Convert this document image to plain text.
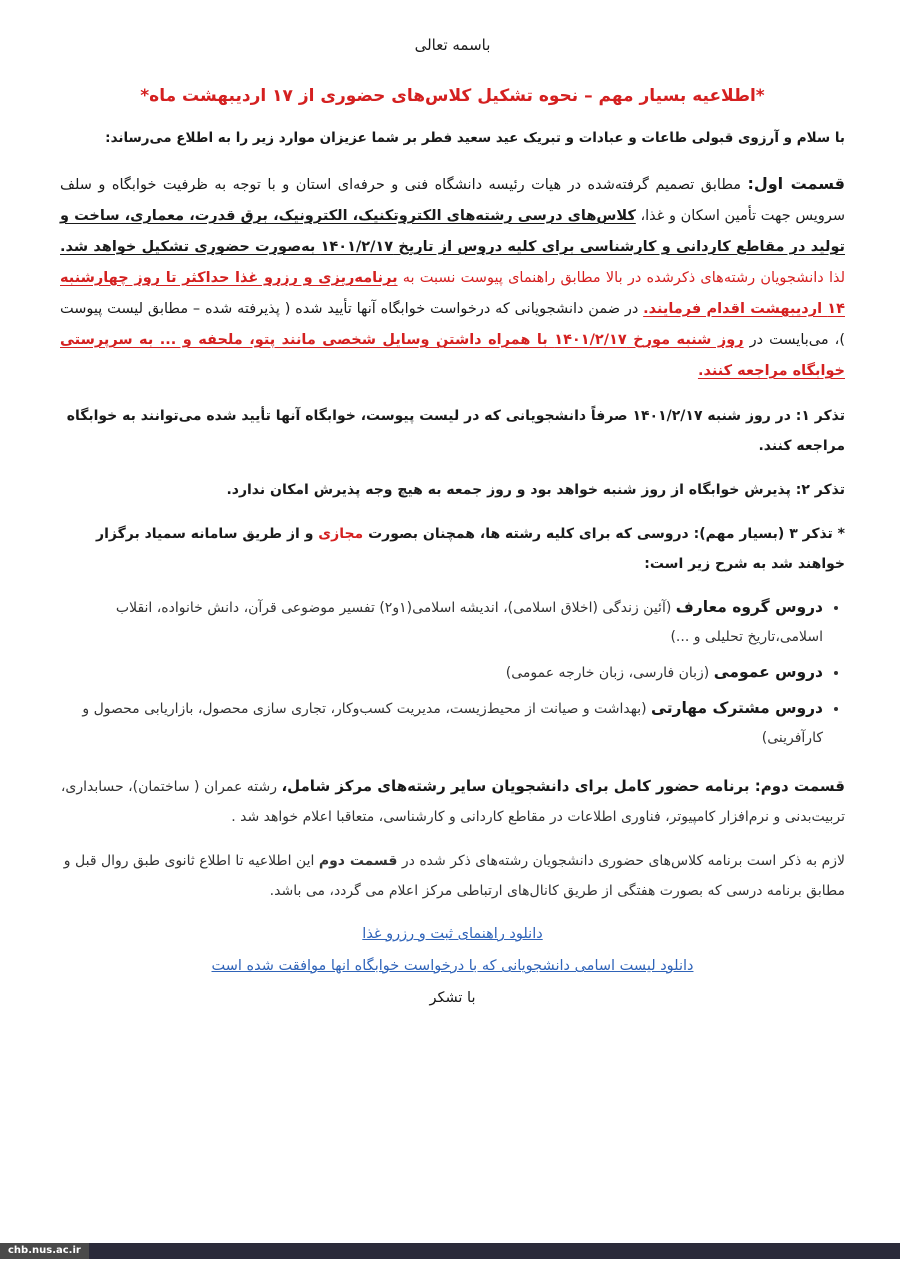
باسمه تعالی
*اطلاعیه بسیار مهم – نحوه تشکیل کلاس‌های حضوری از ۱۷ اردیبهشت ماه*
با سلام و آرزوی قبولی طاعات و عبادات و تبریک عید سعید فطر بر شما عزیزان موارد زیر را به اطلاع می‌رساند:
قسمت اول: مطابق تصمیم گرفته‌شده در هیات رئیسه دانشگاه فنی و حرفه‌ای استان و با توجه به ظرفیت خوابگاه و سلف سرویس جهت تأمین اسکان و غذا، کلاس‌های درسی رشته‌های الکتروتکنیک، الکترونیک، برق قدرت، معماری، ساخت و تولید در مقاطع کاردانی و کارشناسی برای کلیه دروس از تاریخ ۱۴۰۱/۲/۱۷ به‌صورت حضوری تشکیل خواهد شد. لذا دانشجویان رشته‌های ذکرشده در بالا مطابق راهنمای پیوست نسبت به برنامه‌ریزی و رزرو غذا حداکثر تا روز چهارشنبه ۱۴ اردیبهشت اقدام فرمایند. در ضمن دانشجویانی که درخواست خوابگاه آنها تأیید شده ( پذیرفته شده – مطابق لیست پیوست )، می‌بایست در روز شنبه مورخ ۱۴۰۱/۲/۱۷ با همراه داشتن وسایل شخصی مانند پتو، ملحفه و ... به سرپرستی خوابگاه مراجعه کنند.
تذکر ۱: در روز شنبه ۱۴۰۱/۲/۱۷ صرفاً دانشجویانی که در لیست پیوست، خوابگاه آنها تأیید شده می‌توانند به خوابگاه مراجعه کنند.
تذکر ۲: پذیرش خوابگاه از روز شنبه خواهد بود و روز جمعه به هیچ وجه پذیرش امکان ندارد.
* تذکر ۳ (بسیار مهم): دروسی که برای کلیه رشته ها، همچنان بصورت مجازی و از طریق سامانه سمیاد برگزار خواهند شد به شرح زیر است:
• دروس گروه معارف (آئین زندگی (اخلاق اسلامی)، اندیشه اسلامی(۱و۲) تفسیر موضوعی قرآن، دانش خانواده، انقلاب اسلامی،تاریخ تحلیلی و ...)
• دروس عمومی (زبان فارسی، زبان خارجه عمومی)
• دروس مشترک مهارتی (بهداشت و صیانت از محیط‌زیست، مدیریت کسب‌وکار، تجاری سازی محصول، بازاریابی محصول و کارآفرینی)
قسمت دوم: برنامه حضور کامل برای دانشجویان سایر رشته‌های مرکز شامل، رشته عمران ( ساختمان)، حسابداری، تربیت‌بدنی و نرم‌افزار کامپیوتر، فناوری اطلاعات در مقاطع کاردانی و کارشناسی، متعاقبا اعلام خواهد شد .
لازم به ذکر است برنامه کلاس‌های حضوری دانشجویان رشته‌های ذکر شده در قسمت دوم این اطلاعیه تا اطلاع ثانوی طبق روال قبل و مطابق برنامه درسی که بصورت هفتگی از طریق کانال‌های ارتباطی مرکز اعلام می گردد، می باشد.
دانلود راهنمای ثبت و رزرو غذا
دانلود لیست اسامی دانشجویانی که با درخواست خوابگاه انها موافقت شده است
با تشکر
chb.nus.ac.ir
